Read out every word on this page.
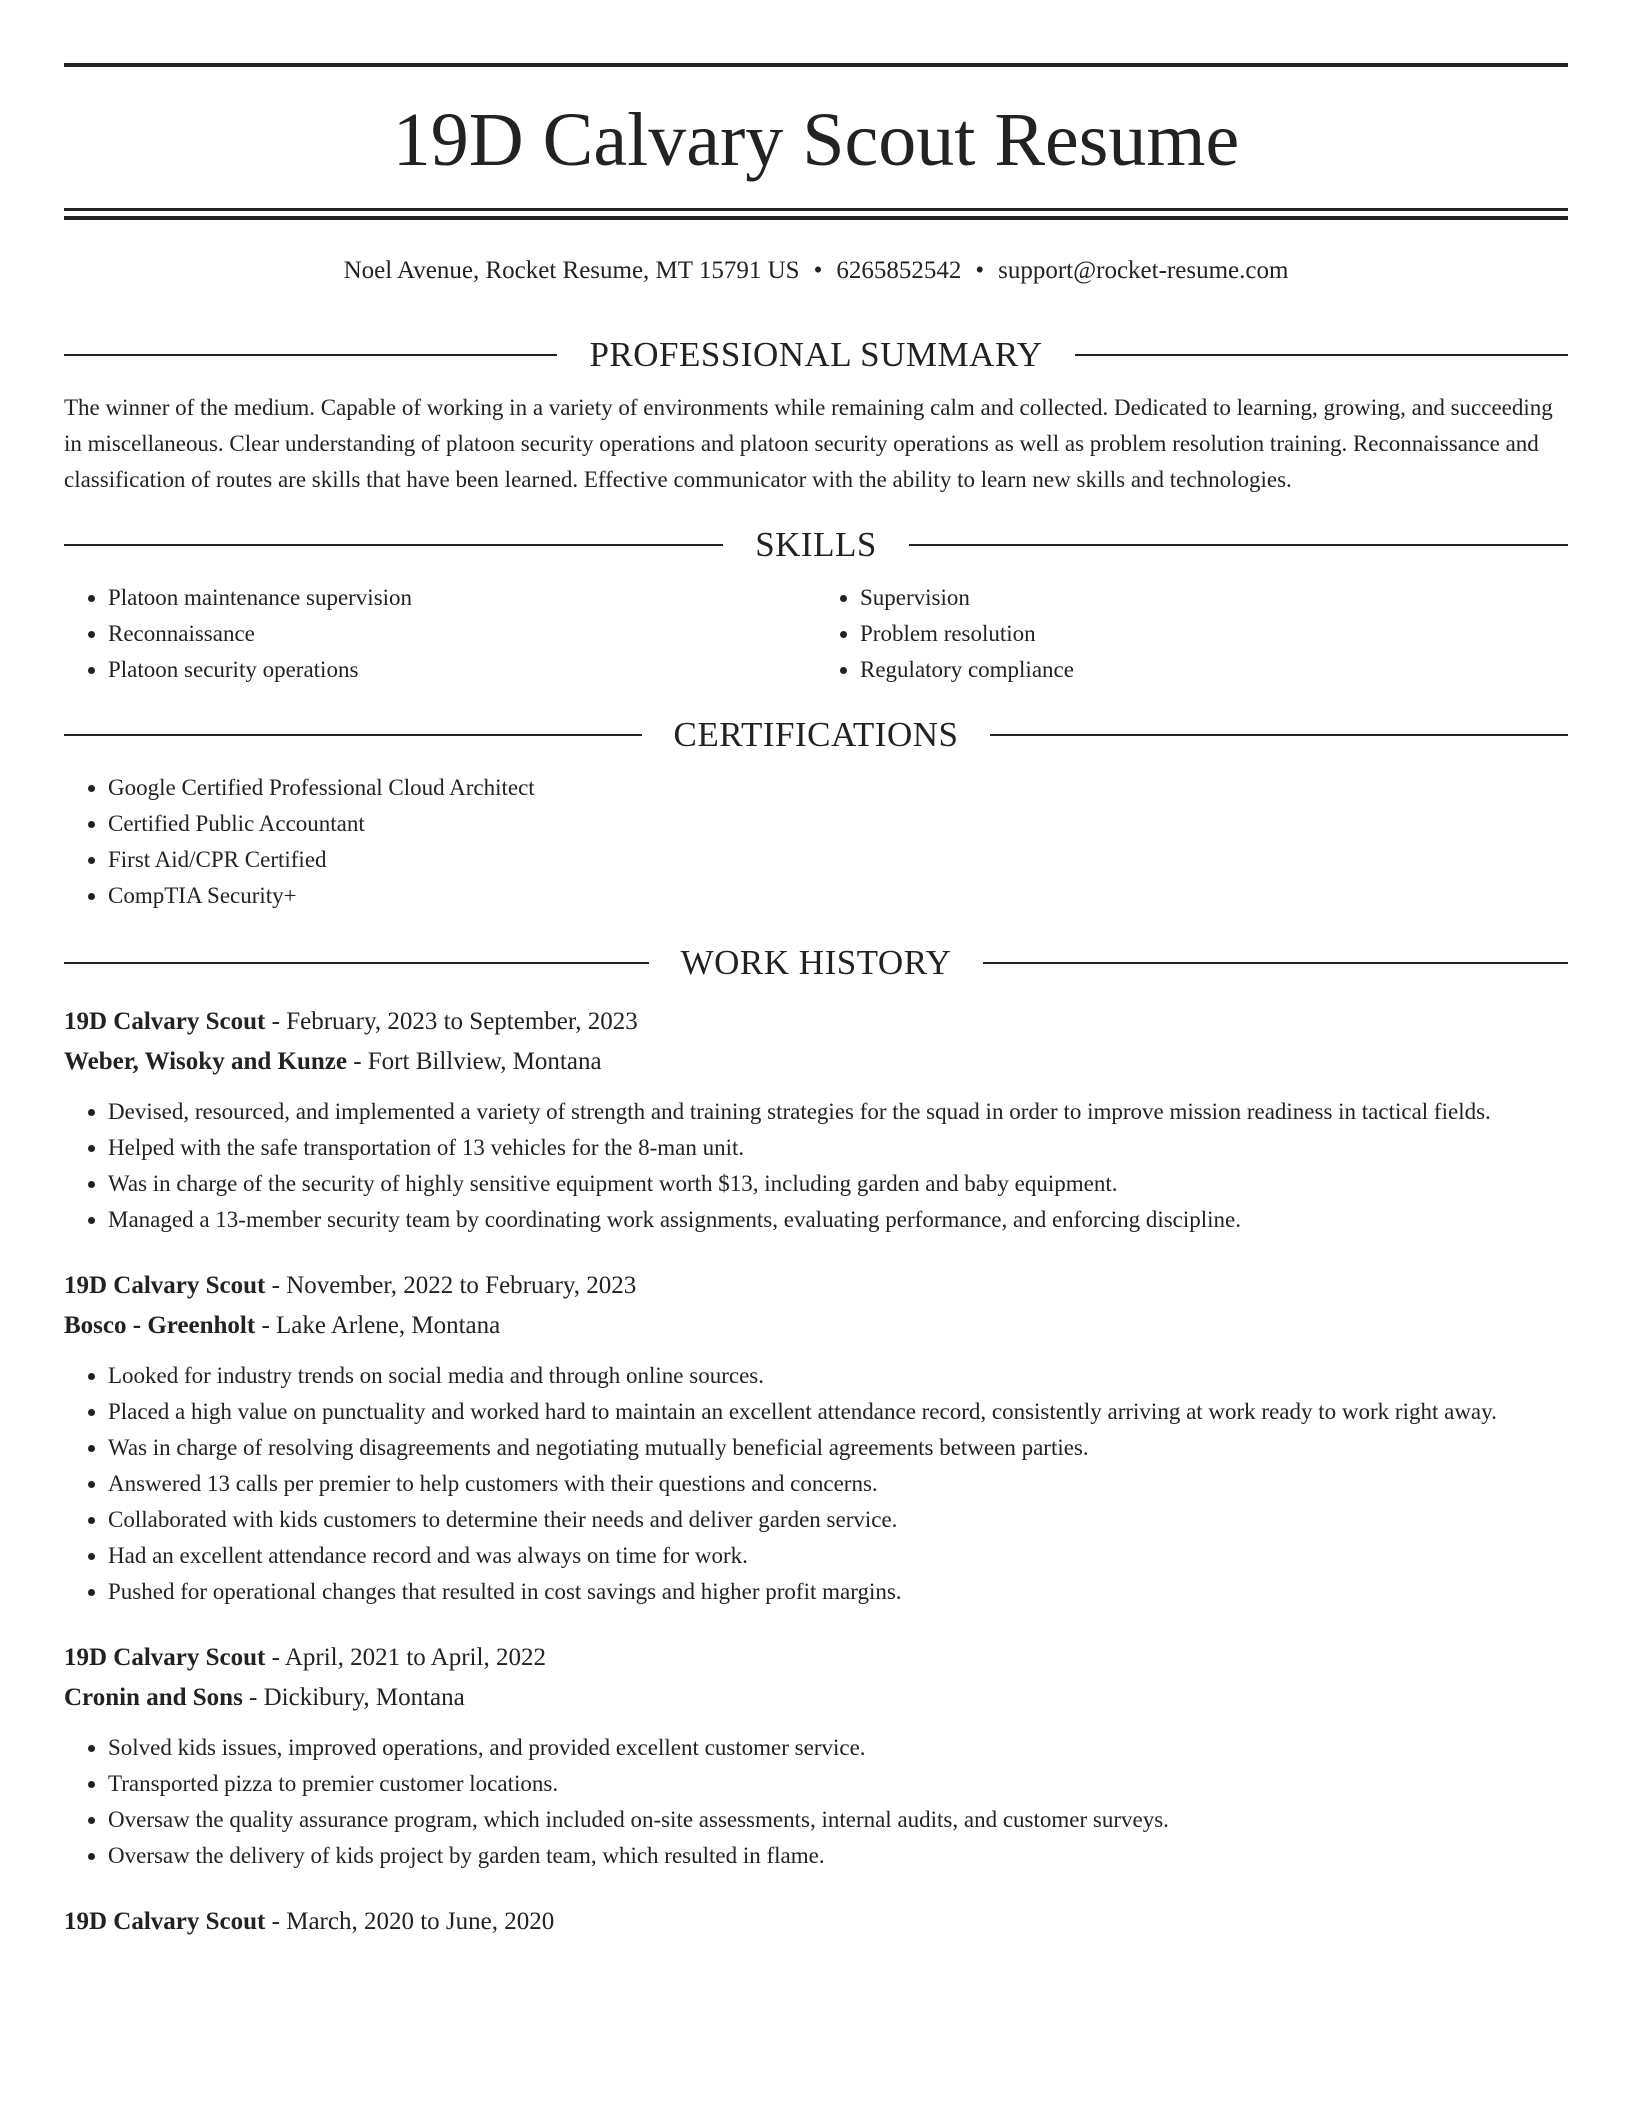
19D Calvary Scout Resume
Noel Avenue, Rocket Resume, MT 15791 US • 6265852542 • support@rocket-resume.com
PROFESSIONAL SUMMARY

The winner of the medium. Capable of working in a variety of environments while remaining calm and collected. Dedicated to learning, growing, and succeeding in miscellaneous. Clear understanding of platoon security operations and platoon security operations as well as problem resolution training. Reconnaissance and classification of routes are skills that have been learned. Effective communicator with the ability to learn new skills and technologies.

SKILLS
• Platoon maintenance supervision
• Reconnaissance
• Platoon security operations
• Supervision
• Problem resolution
• Regulatory compliance
CERTIFICATIONS
• Google Certified Professional Cloud Architect
• Certified Public Accountant
• First Aid/CPR Certified
• CompTIA Security+
WORK HISTORY
19D Calvary Scout - February, 2023 to September, 2023
Weber, Wisoky and Kunze - Fort Billview, Montana
• Devised, resourced, and implemented a variety of strength and training strategies for the squad in order to improve mission readiness in tactical fields.
• Helped with the safe transportation of 13 vehicles for the 8-man unit.
• Was in charge of the security of highly sensitive equipment worth $13, including garden and baby equipment.
• Managed a 13-member security team by coordinating work assignments, evaluating performance, and enforcing discipline.
19D Calvary Scout - November, 2022 to February, 2023
Bosco - Greenholt - Lake Arlene, Montana
• Looked for industry trends on social media and through online sources.
• Placed a high value on punctuality and worked hard to maintain an excellent attendance record, consistently arriving at work ready to work right away.
• Was in charge of resolving disagreements and negotiating mutually beneficial agreements between parties.
• Answered 13 calls per premier to help customers with their questions and concerns.
• Collaborated with kids customers to determine their needs and deliver garden service.
• Had an excellent attendance record and was always on time for work.
• Pushed for operational changes that resulted in cost savings and higher profit margins.
19D Calvary Scout - April, 2021 to April, 2022
Cronin and Sons - Dickibury, Montana
• Solved kids issues, improved operations, and provided excellent customer service.
• Transported pizza to premier customer locations.
• Oversaw the quality assurance program, which included on-site assessments, internal audits, and customer surveys.
• Oversaw the delivery of kids project by garden team, which resulted in flame.
19D Calvary Scout - March, 2020 to June, 2020
